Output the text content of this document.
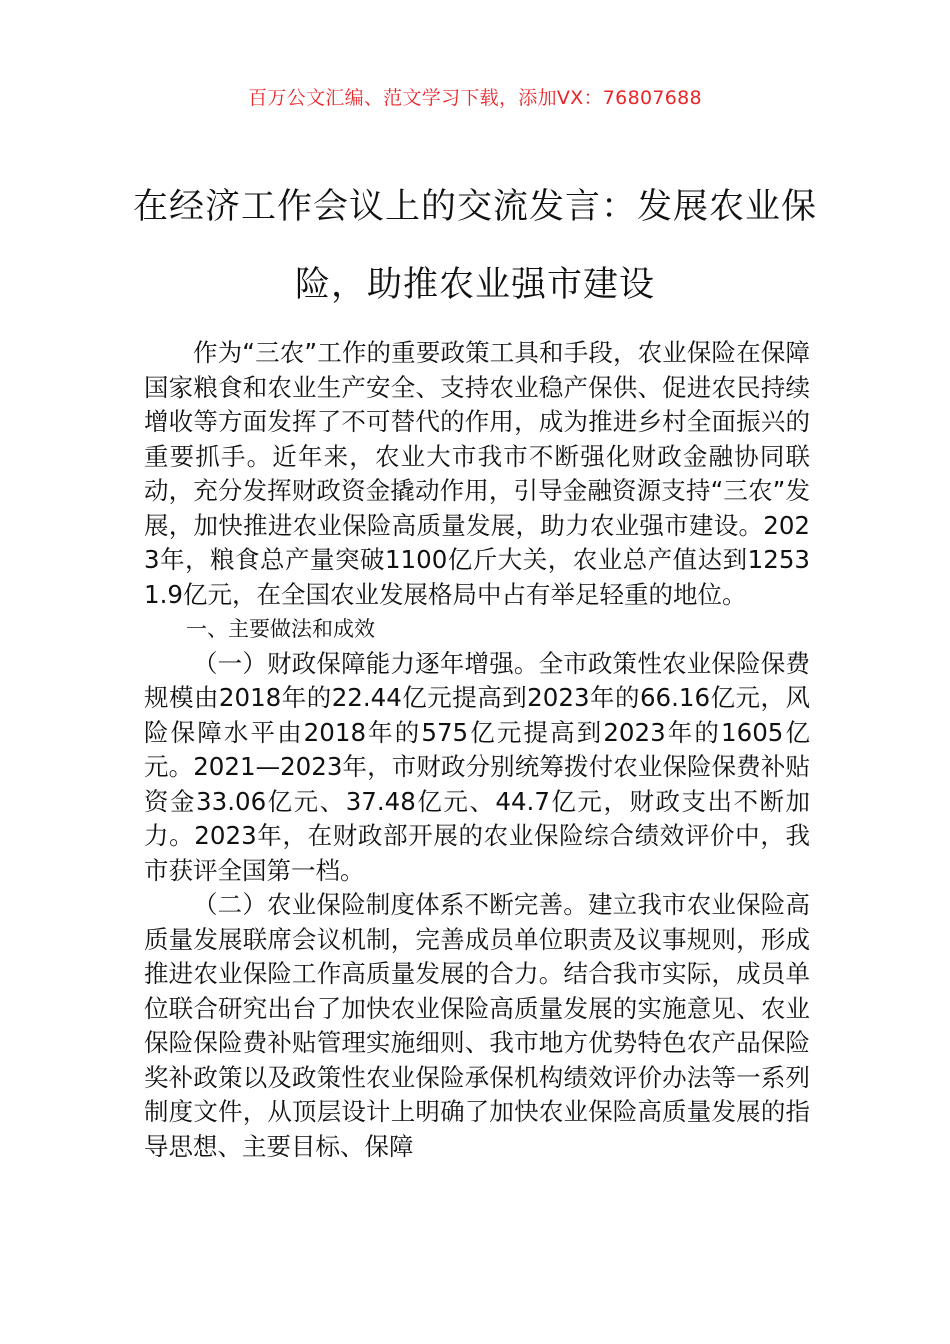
百万公文汇编、范文学习下载，添加VX：76807688
在经济工作会议上的交流发言：发展农业保险，助推农业强市建设

作为“三农”工作的重要政策工具和手段，农业保险在保障国家粮食和农业生产安全、支持农业稳产保供、促进农民持续增收等方面发挥了不可替代的作用，成为推进乡村全面振兴的重要抓手。近年来，农业大市我市不断强化财政金融协同联动，充分发挥财政资金撬动作用，引导金融资源支持“三农”发展，加快推进农业保险高质量发展，助力农业强市建设。2023年，粮食总产量突破1100亿斤大关，农业总产值达到12531.9亿元，在全国农业发展格局中占有举足轻重的地位。

一、主要做法和成效

（一）财政保障能力逐年增强。全市政策性农业保险保费规模由2018年的22.44亿元提高到2023年的66.16亿元，风险保障水平由2018年的575亿元提高到2023年的1605亿元。2021—2023年，市财政分别统筹拨付农业保险保费补贴资金33.06亿元、37.48亿元、44.7亿元，财政支出不断加力。2023年，在财政部开展的农业保险综合绩效评价中，我市获评全国第一档。

（二）农业保险制度体系不断完善。建立我市农业保险高质量发展联席会议机制，完善成员单位职责及议事规则，形成推进农业保险工作高质量发展的合力。结合我市实际，成员单位联合研究出台了加快农业保险高质量发展的实施意见、农业保险保险费补贴管理实施细则、我市地方优势特色农产品保险奖补政策以及政策性农业保险承保机构绩效评价办法等一系列制度文件，从顶层设计上明确了加快农业保险高质量发展的指导思想、主要目标、保障
